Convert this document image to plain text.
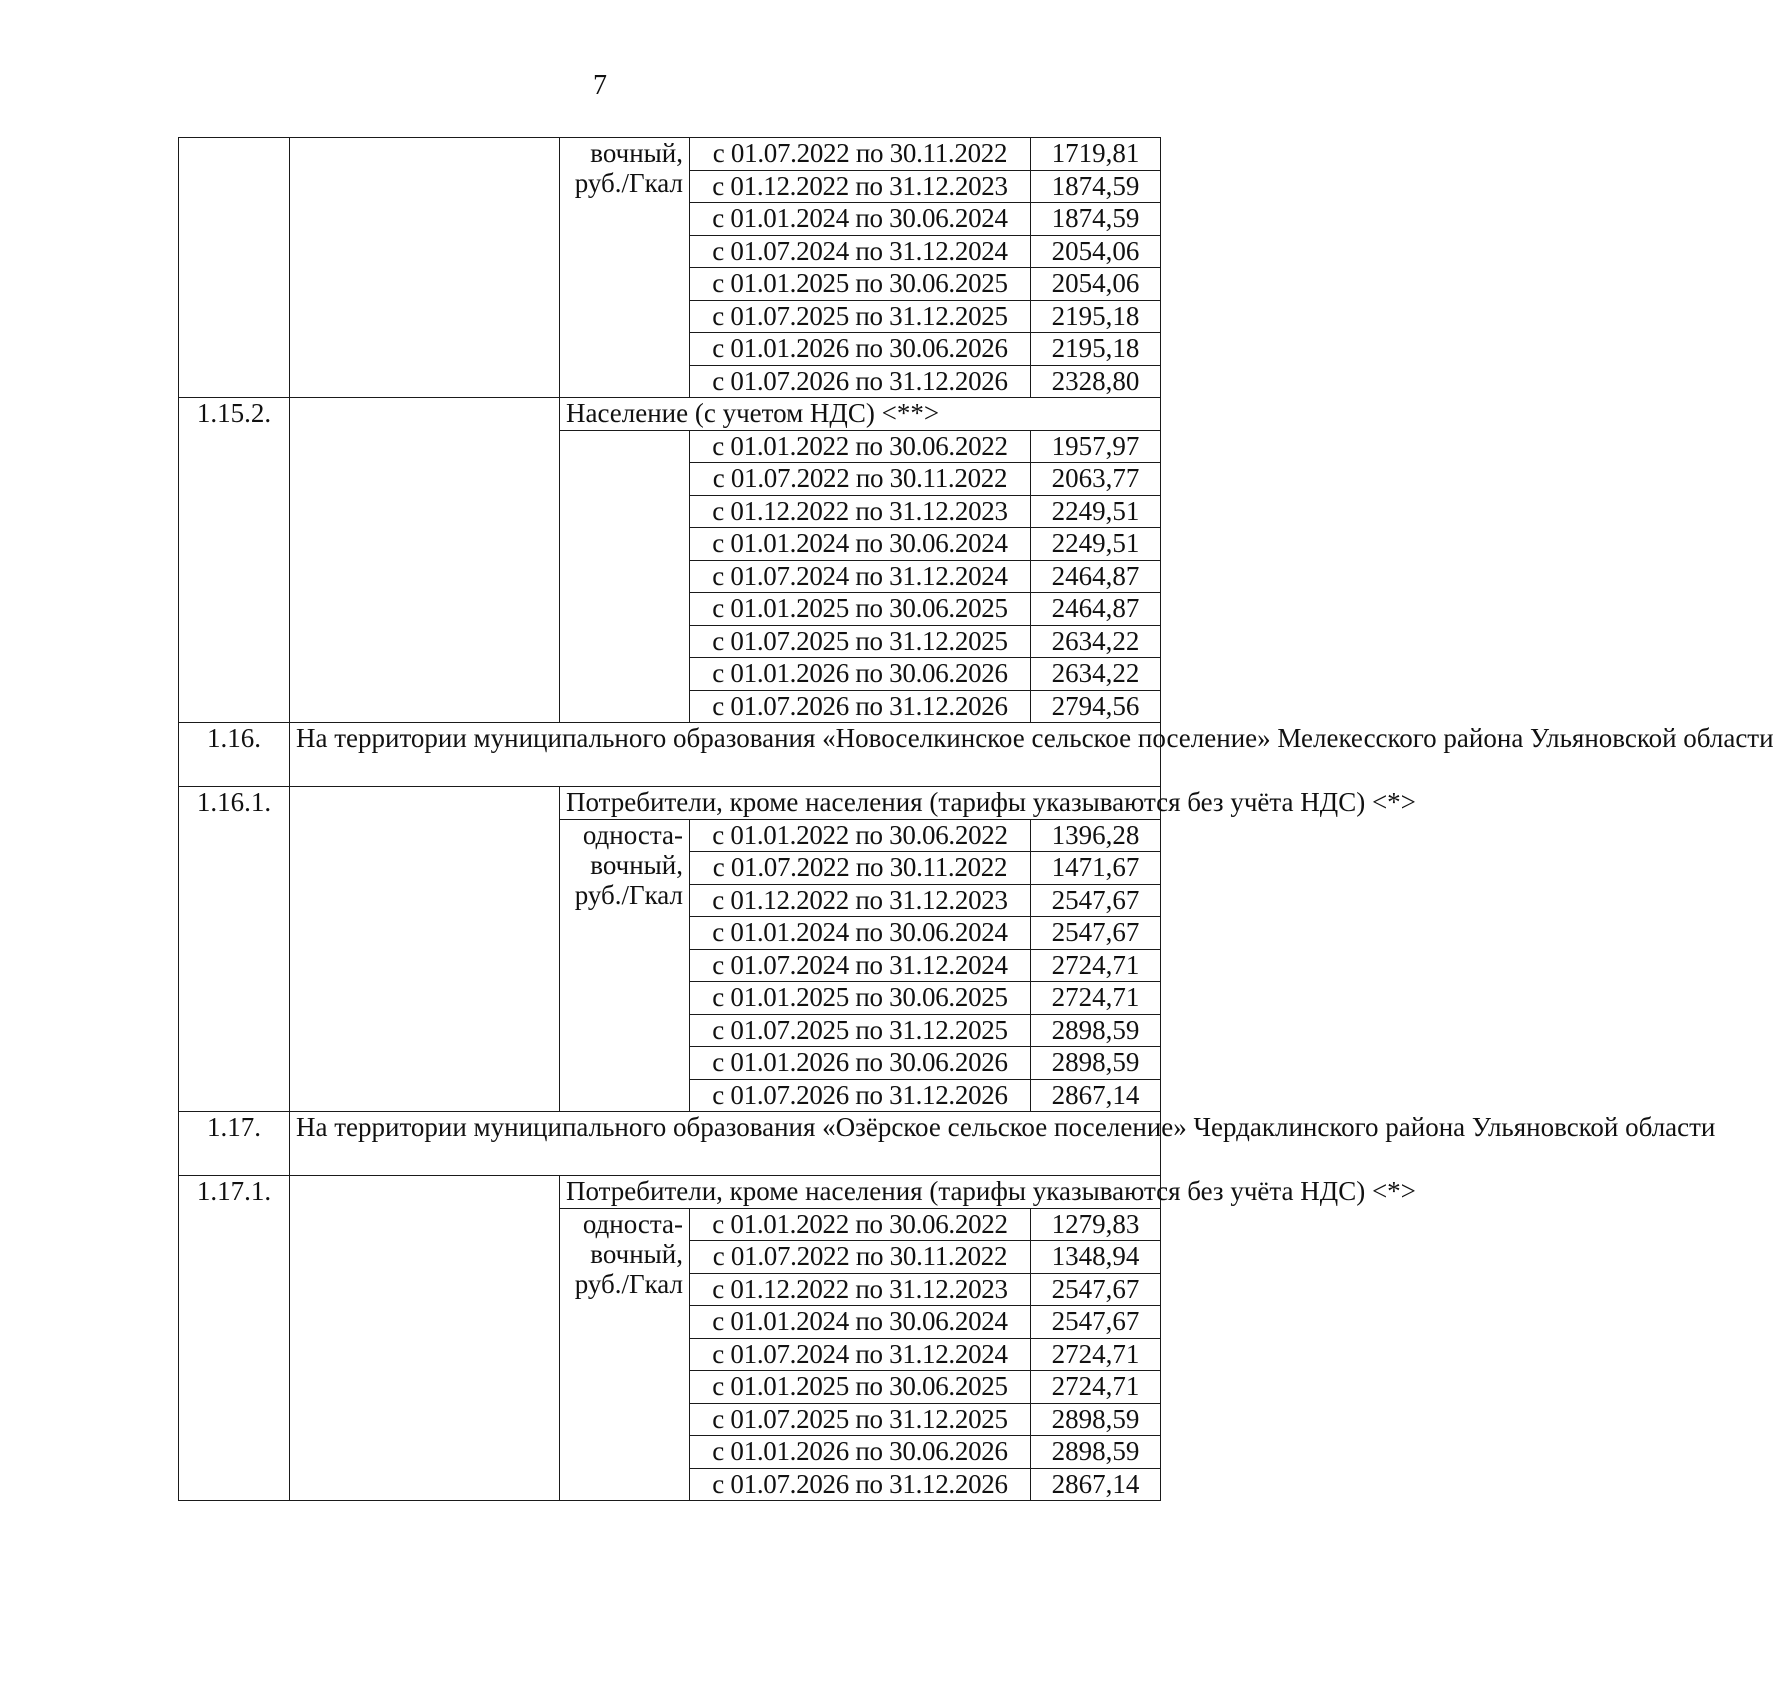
7

		вочный,
руб./Гкал	с 01.07.2022 по 30.11.2022	1719,81
			с 01.12.2022 по 31.12.2023	1874,59
			с 01.01.2024 по 30.06.2024	1874,59
			с 01.07.2024 по 31.12.2024	2054,06
			с 01.01.2025 по 30.06.2025	2054,06
			с 01.07.2025 по 31.12.2025	2195,18
			с 01.01.2026 по 30.06.2026	2195,18
			с 01.07.2026 по 31.12.2026	2328,80
1.15.2.		Население (с учетом НДС) <**>		
			с 01.01.2022 по 30.06.2022	1957,97
			с 01.07.2022 по 30.11.2022	2063,77
			с 01.12.2022 по 31.12.2023	2249,51
			с 01.01.2024 по 30.06.2024	2249,51
			с 01.07.2024 по 31.12.2024	2464,87
			с 01.01.2025 по 30.06.2025	2464,87
			с 01.07.2025 по 31.12.2025	2634,22
			с 01.01.2026 по 30.06.2026	2634,22
			с 01.07.2026 по 31.12.2026	2794,56
1.16.	На территории муниципального образования «Новоселкинское сельское поселение» Мелекесского района Ульяновской области			
1.16.1.		Потребители, кроме населения (тарифы указываются без учёта НДС) <*>		

		односта-
вочный,
руб./Гкал	с 01.01.2022 по 30.06.2022	1396,28
			с 01.07.2022 по 30.11.2022	1471,67
			с 01.12.2022 по 31.12.2023	2547,67
			с 01.01.2024 по 30.06.2024	2547,67
			с 01.07.2024 по 31.12.2024	2724,71
			с 01.01.2025 по 30.06.2025	2724,71
			с 01.07.2025 по 31.12.2025	2898,59
			с 01.01.2026 по 30.06.2026	2898,59
			с 01.07.2026 по 31.12.2026	2867,14
1.17.	На территории муниципального образования «Озёрское сельское поселение» Чердаклинского района Ульяновской области			
1.17.1.		Потребители, кроме населения (тарифы указываются без учёта НДС) <*>		

		односта-
вочный,
руб./Гкал	с 01.01.2022 по 30.06.2022	1279,83
			с 01.07.2022 по 30.11.2022	1348,94
			с 01.12.2022 по 31.12.2023	2547,67
			с 01.01.2024 по 30.06.2024	2547,67
			с 01.07.2024 по 31.12.2024	2724,71
			с 01.01.2025 по 30.06.2025	2724,71
			с 01.07.2025 по 31.12.2025	2898,59
			с 01.01.2026 по 30.06.2026	2898,59
			с 01.07.2026 по 31.12.2026	2867,14
